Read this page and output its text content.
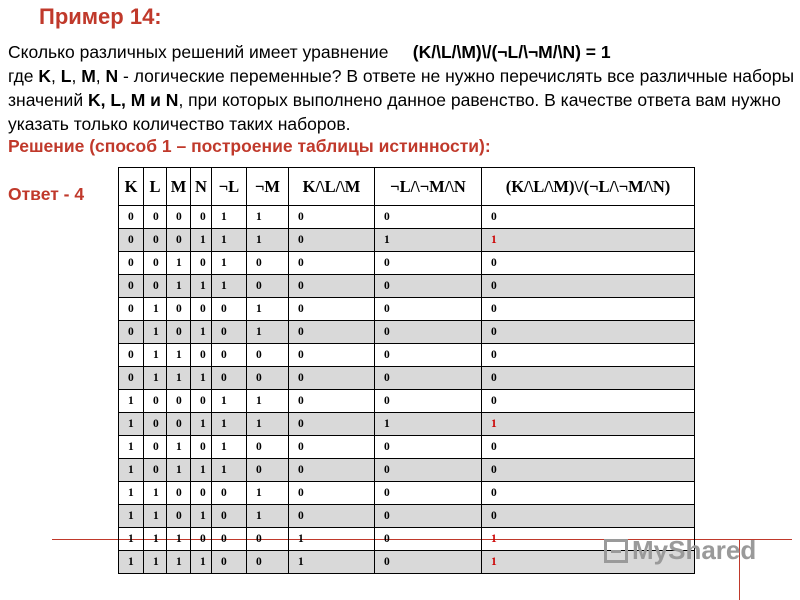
Пример 14:
Сколько различных решений имеет уравнение (K/\L/\M)\/(¬L/\¬M/\N) = 1
где K, L, M, N - логические переменные? В ответе не нужно перечислять все различные наборы значений K, L, M и N, при которых выполнено данное равенство. В качестве ответа вам нужно указать только количество таких наборов.
Решение (способ 1 – построение таблицы истинности):
Ответ - 4 K	L	M	N	¬L	¬M	K/\L/\M	¬L/\¬M/\N	(K/\L/\M)\/(¬L/\¬M/\N)
0	0	0	0	1	1	0	0	0
0	0	0	1	1	1	0	1	1
0	0	1	0	1	0	0	0	0
0	0	1	1	1	0	0	0	0
0	1	0	0	0	1	0	0	0
0	1	0	1	0	1	0	0	0
0	1	1	0	0	0	0	0	0
0	1	1	1	0	0	0	0	0
1	0	0	0	1	1	0	0	0
1	0	0	1	1	1	0	1	1
1	0	1	0	1	0	0	0	0
1	0	1	1	1	0	0	0	0
1	1	0	0	0	1	0	0	0
1	1	0	1	0	1	0	0	0
1	1	1	0	0	0	1	0	1
1	1	1	1	0	0	1	0	1	MyShared
